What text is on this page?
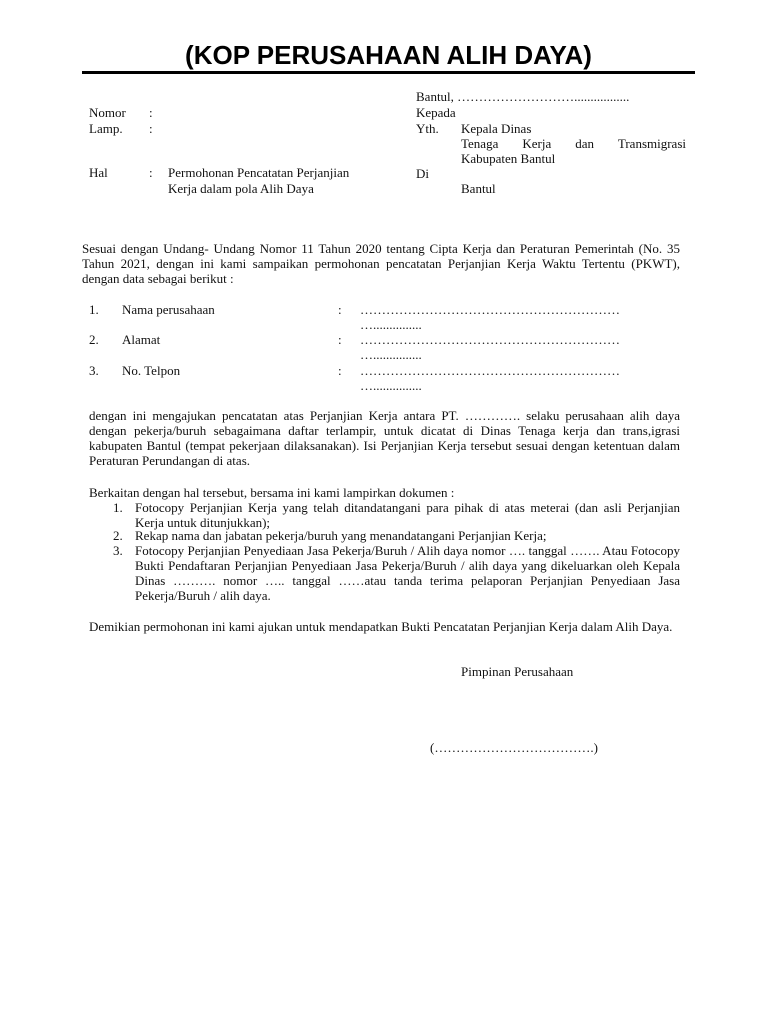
(KOP PERUSAHAAN ALIH DAYA)
Nomor :
Lamp. :
Hal	: Permohonan Pencatatan Perjanjian
Kerja dalam pola Alih Daya
Bantul, ……………………….................
Kepada
Yth. Kepala Dinas
Tenaga Kerja dan Transmigrasi
Kabupaten Bantul
Di
Bantul
Sesuai dengan Undang- Undang Nomor 11 Tahun 2020 tentang Cipta Kerja dan Peraturan Pemerintah (No. 35 Tahun 2021, dengan ini kami sampaikan permohonan pencatatan Perjanjian Kerja Waktu Tertentu (PKWT), dengan data sebagai berikut :
1. Nama perusahaan	: ……………………………………………………
…...............
2. Alamat	: ……………………………………………………
…...............
3. No. Telpon	: ……………………………………………………
…...............
dengan ini mengajukan pencatatan atas Perjanjian Kerja antara PT. …………. selaku perusahaan alih daya dengan pekerja/buruh sebagaimana daftar terlampir, untuk dicatat di Dinas Tenaga kerja dan trans,igrasi kabupaten Bantul (tempat pekerjaan dilaksanakan). Isi Perjanjian Kerja tersebut sesuai dengan ketentuan dalam Peraturan Perundangan di atas.
Berkaitan dengan hal tersebut, bersama ini kami lampirkan dokumen :
1. Fotocopy Perjanjian Kerja yang telah ditandatangani para pihak di atas meterai (dan asli Perjanjian Kerja untuk ditunjukkan);
2. Rekap nama dan jabatan pekerja/buruh yang menandatangani Perjanjian Kerja;
3. Fotocopy Perjanjian Penyediaan Jasa Pekerja/Buruh / Alih daya nomor …. tanggal ……. Atau Fotocopy Bukti Pendaftaran Perjanjian Penyediaan Jasa Pekerja/Buruh / alih daya yang dikeluarkan oleh Kepala Dinas ………. nomor ….. tanggal ……atau tanda terima pelaporan Perjanjian Penyediaan Jasa Pekerja/Buruh / alih daya.
Demikian permohonan ini kami ajukan untuk mendapatkan Bukti Pencatatan Perjanjian Kerja dalam Alih Daya.
Pimpinan Perusahaan
(……………………………….)
